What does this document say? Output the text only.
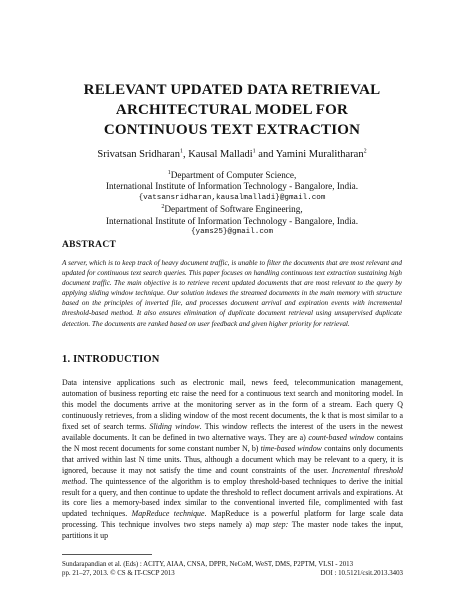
RELEVANT UPDATED DATA RETRIEVAL
ARCHITECTURAL MODEL FOR
CONTINUOUS TEXT EXTRACTION
Srivatsan Sridharan$^1$, Kausal Malladi$^1$ and Yamini Muralitharan$^2$
$^1$Department of Computer Science,
International Institute of Information Technology - Bangalore, India.
{vatsansridharan,kausalmalladi}@gmail.com
$^2$Department of Software Engineering,
International Institute of Information Technology - Bangalore, India.
{yams25}@gmail.com
ABSTRACT
A server, which is to keep track of heavy document traffic, is unable to filter the documents that are most relevant and updated for continuous text search queries. This paper focuses on handling continuous text extraction sustaining high document traffic. The main objective is to retrieve recent updated documents that are most relevant to the query by applying sliding window technique. Our solution indexes the streamed documents in the main memory with structure based on the principles of inverted file, and processes document arrival and expiration events with incremental threshold-based method. It also ensures elimination of duplicate document retrieval using unsupervised duplicate detection. The documents are ranked based on user feedback and given higher priority for retrieval.
1. INTRODUCTION
Data intensive applications such as electronic mail, news feed, telecommunication management, automation of business reporting etc raise the need for a continuous text search and monitoring model. In this model the documents arrive at the monitoring server as in the form of a stream. Each query Q continuously retrieves, from a sliding window of the most recent documents, the k that is most similar to a fixed set of search terms. Sliding window. This window reflects the interest of the users in the newest available documents. It can be defined in two alternative ways. They are a) count-based window contains the N most recent documents for some constant number N, b) time-based window contains only documents that arrived within last N time units. Thus, although a document which may be relevant to a query, it is ignored, because it may not satisfy the time and count constraints of the user. Incremental threshold method. The quintessence of the algorithm is to employ threshold-based techniques to derive the initial result for a query, and then continue to update the threshold to reflect document arrivals and expirations. At its core lies a memory-based index similar to the conventional inverted file, complimented with fast updated techniques. MapReduce technique. MapReduce is a powerful platform for large scale data processing. This technique involves two steps namely a) map step: The master node takes the input, partitions it up
Sundarapandian et al. (Eds) : ACITY, AIAA, CNSA, DPPR, NeCoM, WeST, DMS, P2PTM, VLSI - 2013
pp. 21–27, 2013. © CS & IT-CSCP 2013	DOI : 10.5121/csit.2013.3403
